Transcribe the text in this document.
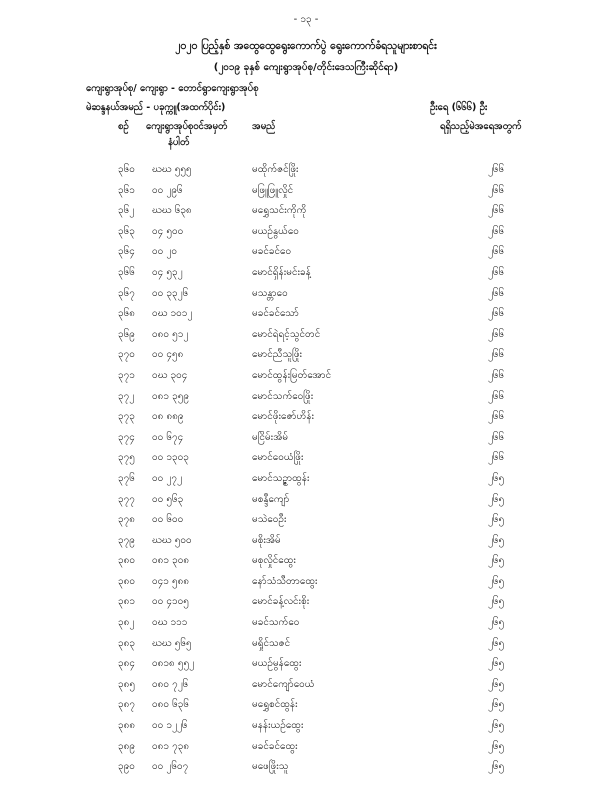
- ၁၃ -
၂၀၂၀ ပြည့်နှစ် အထွေထွေရွေးကောက်ပွဲ ရွေးကောက်ခံရသူများစာရင်း
(၂၀၁၉ ခုနှစ် ကျေးရွာအုပ်စု/တိုင်းဒေသကြီးဆိုင်ရာ)
ကျေးရွာအုပ်စု/ ကျေးရွာ - တောင်ရွာကျေးရွာအုပ်စု
မဲဆန္ဒနယ်အမည် - ပခုက္ကူ(အထက်ပိုင်း)	ဦးရေ (၆၆၆) ဦး
စဉ် ကျေးရွာအုပ်စုဝင်အမှတ်
နံပါတ်
အမည်	ရရှိသည့်မဲအရေအတွက်
၃၆၀ ဃဃ ၅၅၅	မထိုက်ဇင်ဖြိုး	၂၆၆
၃၆၁ ဝဝ ၂၉၆	မဖြူဖြူလှိုင်	၂၆၆
၃၆၂ ဃဃ ၆၃၈	မရွှေသင်းကိုကို	၂၆၆
၃၆၃ ဝ၄ ၅၀၀	မယဉ်နွယ်ဝေ	၂၆၆
၃၆၄ ဝဝ ၂၀	မခင်ခင်ဝေ	၂၆၆
၃၆၆ ဝ၄ ၅၃၂	မောင်ရှိန်းမင်းခန့်	၂၆၆
၃၆၇ ဝဝ ၃၃၂၆	မသန္တာဝေ	၂၆၆
၃၆၈ ဝဃ ၁၀၁၂	မခင်ခင်သော်	၂၆၆
၃၆၉ ဝ၈၀ ၅၁၂	မောင်ရဲရင့်သွင်တင်	၂၆၆
၃၇၀ ဝဝ ၄၅၈	မောင်ညီသူဖြိုး	၂၆၆
၃၇၁ ဝဃ ၃၀၄	မောင်ထွန်းမြတ်အောင်	၂၆၆
၃၇၂ ဝ၈၁ ၃၅၉	မောင်သက်ဝေဖြိုး	၂၆၆
၃၇၃ ဝ၈ ၈၈၉	မောင်ဖိုးဇော်ဟိန်း	၂၆၆
၃၇၄ ဝဝ ၆၇၄	မငြိမ်းအိမ်	၂၆၆
၃၇၅ ဝဝ ၁၃၀၃	မောင်ဝေယံဖြိုး	၂၆၆
၃၇၆ ဝဝ ၂၇၂	မောင်သဉ္ဇာထွန်း	၂၆၅
၃၇၇ ဝဝ ၅၆၃	မစန္ဒီကျော်	၂၆၅
၃၇၈ ဝဝ ၆၀၀	မသဲဝေဦး	၂၆၅
၃၇၉ ဃဃ ၅၀၀	မစိုးအိမ်	၂၆၅
၃၈၀ ဝ၈၁ ၃၀၈	မစုလှိုင်ထွေး	၂၆၅
၃၈၀ ဝ၄၁ ၅၈၈	နော်သံသီတာထွေး	၂၆၅
၃၈၁ ဝဝ ၄၁၀၅	မောင်ခန့်လင်းစိုး	၂၆၅
၃၈၂ ဝဃ ၁၁၁	မခင်သက်ဝေ	၂၆၅
၃၈၃ ဃဃ ၅၆၅	မရှိုင်သဇင်	၂၆၅
၃၈၄ ဝ၈၁၈ ၅၅၂	မယဉ်မွန်ထွေး	၂၆၅
၃၈၅ ဝ၈၀ ၇၂၆	မောင်ကျော်ဝေယံ	၂၆၅
၃၈၇ ဝ၈၀ ၆၃၆	မရွှေစင်ထွန်း	၂၆၅
၃၈၈ ဝဝ ၁၂၂၆	မနန်းယဉ်ထွေး	၂၆၅
၃၈၉ ဝ၈၁ ၇၃၈	မခင်ခင်ထွေး	၂၆၅
၃၉၀ ဝဝ ၂၆၀၇	မဖေဖြိုးသူ	၂၆၅
